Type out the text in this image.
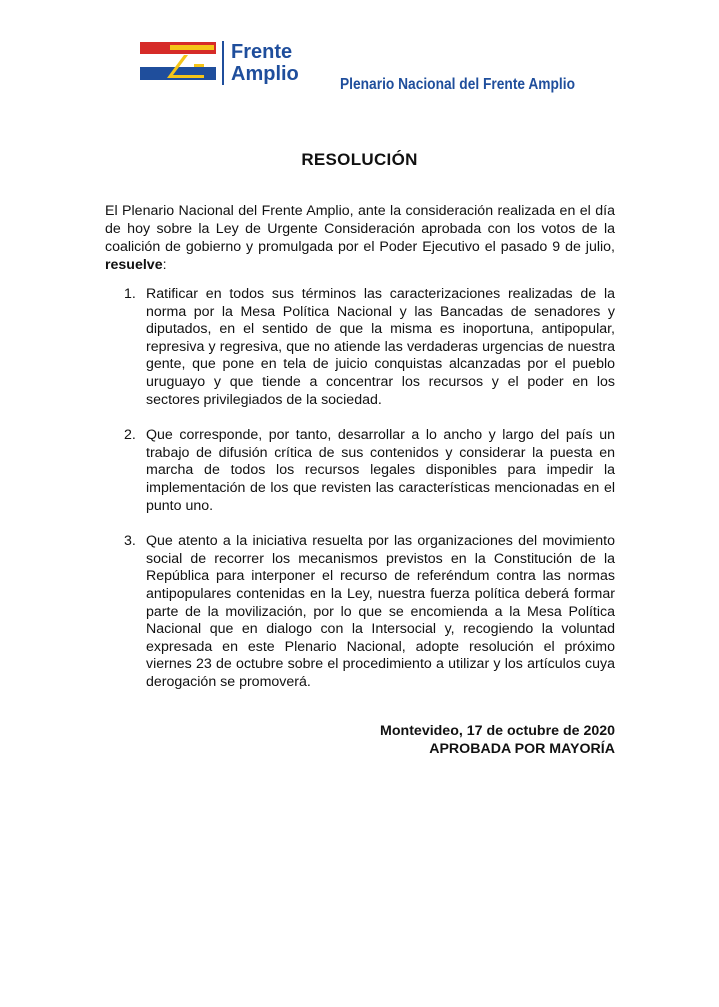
Frente
Amplio	Plenario Nacional del Frente Amplio
RESOLUCIÓN

El Plenario Nacional del Frente Amplio, ante la consideración realizada en el día de hoy sobre la Ley de Urgente Consideración aprobada con los votos de la coalición de gobierno y promulgada por el Poder Ejecutivo el pasado 9 de julio, resuelve:

1. Ratificar en todos sus términos las caracterizaciones realizadas de la norma por la Mesa Política Nacional y las Bancadas de senadores y diputados, en el sentido de que la misma es inoportuna, antipopular, represiva y regresiva, que no atiende las verdaderas urgencias de nuestra gente, que pone en tela de juicio conquistas alcanzadas por el pueblo uruguayo y que tiende a concentrar los recursos y el poder en los sectores privilegiados de la sociedad.
2. Que corresponde, por tanto, desarrollar a lo ancho y largo del país un trabajo de difusión crítica de sus contenidos y considerar la puesta en marcha de todos los recursos legales disponibles para impedir la implementación de los que revisten las características mencionadas en el punto uno.
3. Que atento a la iniciativa resuelta por las organizaciones del movimiento social de recorrer los mecanismos previstos en la Constitución de la República para interponer el recurso de referéndum contra las normas antipopulares contenidas en la Ley, nuestra fuerza política deberá formar parte de la movilización, por lo que se encomienda a la Mesa Política Nacional que en dialogo con la Intersocial y, recogiendo la voluntad expresada en este Plenario Nacional, adopte resolución el próximo viernes 23 de octubre sobre el procedimiento a utilizar y los artículos cuya derogación se promoverá.
Montevideo, 17 de octubre de 2020
APROBADA POR MAYORÍA
